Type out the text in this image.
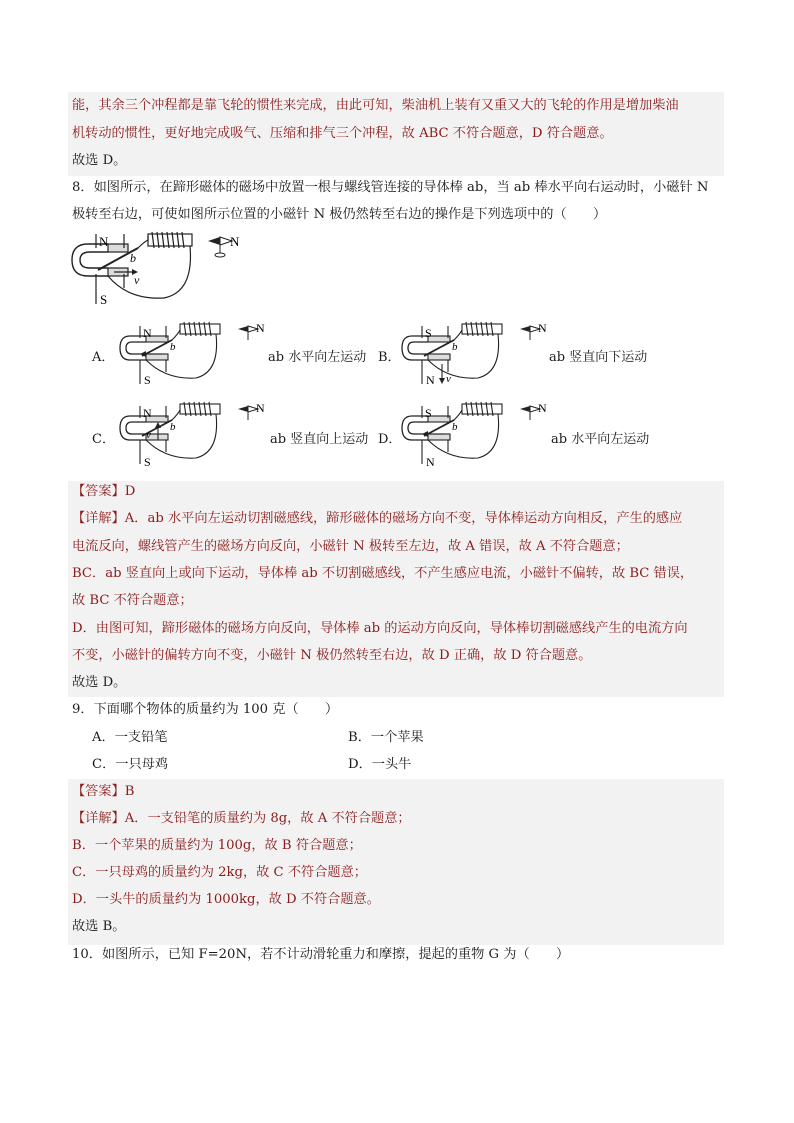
能，其余三个冲程都是靠飞轮的惯性来完成，由此可知，柴油机上装有又重又大的飞轮的作用是增加柴油
机转动的惯性，更好地完成吸气、压缩和排气三个冲程，故 ABC 不符合题意，D 符合题意。
故选 D。
8．如图所示，在蹄形磁体的磁场中放置一根与螺线管连接的导体棒 ab，当 ab 棒水平向右运动时，小磁针 N
极转至右边，可使如图所示位置的小磁针 N 极仍然转至右边的操作是下列选项中的（　　）
N
S
b
v
N
A．
N
S
b
N
ab 水平向左运动 B．
S
N v
b
N
ab 竖直向下运动
C．
N
S
v
b
N
ab 竖直向上运动 D．
S
N
b
N
ab 水平向左运动
【答案】D
【详解】A．ab 水平向左运动切割磁感线，蹄形磁体的磁场方向不变，导体棒运动方向相反，产生的感应
电流反向，螺线管产生的磁场方向反向，小磁针 N 极转至左边，故 A 错误，故 A 不符合题意；
BC．ab 竖直向上或向下运动，导体棒 ab 不切割磁感线，不产生感应电流，小磁针不偏转，故 BC 错误，
故 BC 不符合题意；
D．由图可知，蹄形磁体的磁场方向反向，导体棒 ab 的运动方向反向，导体棒切割磁感线产生的电流方向
不变，小磁针的偏转方向不变，小磁针 N 极仍然转至右边，故 D 正确，故 D 符合题意。
故选 D。
9．下面哪个物体的质量约为 100 克（　　）
A．一支铅笔	B．一个苹果
C．一只母鸡	D．一头牛
【答案】B
【详解】A．一支铅笔的质量约为 8g，故 A 不符合题意；
B．一个苹果的质量约为 100g，故 B 符合题意；
C．一只母鸡的质量约为 2kg，故 C 不符合题意；
D．一头牛的质量约为 1000kg，故 D 不符合题意。
故选 B。
10．如图所示，已知 F=20N，若不计动滑轮重力和摩擦，提起的重物 G 为（　　）
